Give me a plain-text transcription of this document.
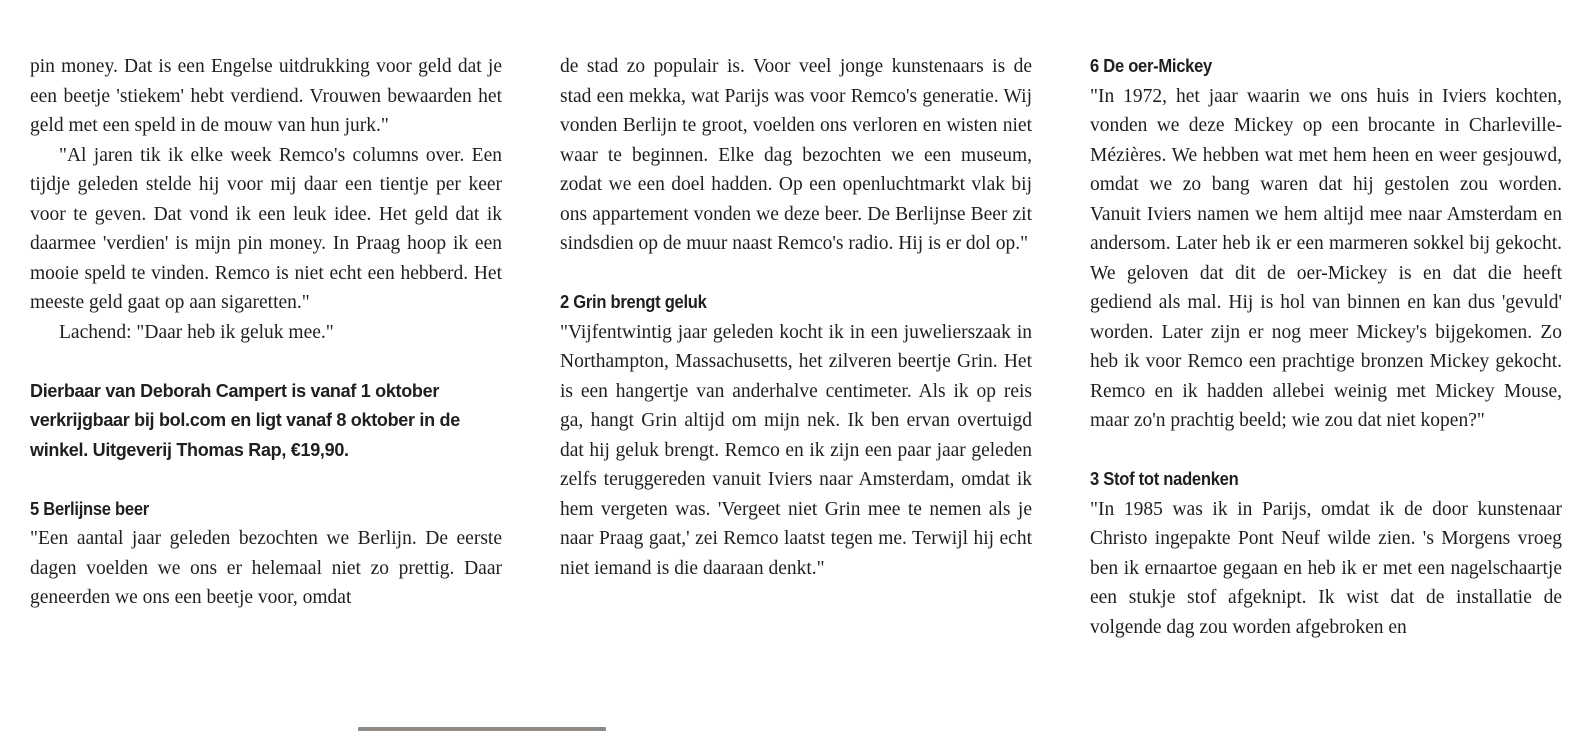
pin money. Dat is een Engelse uitdrukking voor geld dat je een beetje 'stiekem' hebt verdiend. Vrouwen bewaarden het geld met een speld in de mouw van hun jurk."

"Al jaren tik ik elke week Remco's columns over. Een tijdje geleden stelde hij voor mij daar een tientje per keer voor te geven. Dat vond ik een leuk idee. Het geld dat ik daarmee 'verdien' is mijn pin money. In Praag hoop ik een mooie speld te vinden. Remco is niet echt een hebberd. Het meeste geld gaat op aan sigaretten."

Lachend: "Daar heb ik geluk mee."

Dierbaar van Deborah Campert is vanaf 1 oktober verkrijgbaar bij bol.com en ligt vanaf 8 oktober in de winkel. Uitgeverij Thomas Rap, €19,90.

5 Berlijnse beer

"Een aantal jaar geleden bezochten we Berlijn. De eerste dagen voelden we ons er helemaal niet zo prettig. Daar geneerden we ons een beetje voor, omdat

de stad zo populair is. Voor veel jonge kunstenaars is de stad een mekka, wat Parijs was voor Remco's generatie. Wij vonden Berlijn te groot, voelden ons verloren en wisten niet waar te beginnen. Elke dag bezochten we een museum, zodat we een doel hadden. Op een openluchtmarkt vlak bij ons appartement vonden we deze beer. De Berlijnse Beer zit sindsdien op de muur naast Remco's radio. Hij is er dol op."

2 Grin brengt geluk

"Vijfentwintig jaar geleden kocht ik in een juwelierszaak in Northampton, Massachusetts, het zilveren beertje Grin. Het is een hangertje van anderhalve centimeter. Als ik op reis ga, hangt Grin altijd om mijn nek. Ik ben ervan overtuigd dat hij geluk brengt. Remco en ik zijn een paar jaar geleden zelfs teruggereden vanuit Iviers naar Amsterdam, omdat ik hem vergeten was. 'Vergeet niet Grin mee te nemen als je naar Praag gaat,' zei Remco laatst tegen me. Terwijl hij echt niet iemand is die daaraan denkt."

6 De oer-Mickey

"In 1972, het jaar waarin we ons huis in Iviers kochten, vonden we deze Mickey op een brocante in Charleville-Mézières. We hebben wat met hem heen en weer gesjouwd, omdat we zo bang waren dat hij gestolen zou worden. Vanuit Iviers namen we hem altijd mee naar Amsterdam en andersom. Later heb ik er een marmeren sokkel bij gekocht. We geloven dat dit de oer-Mickey is en dat die heeft gediend als mal. Hij is hol van binnen en kan dus 'gevuld' worden. Later zijn er nog meer Mickey's bijgekomen. Zo heb ik voor Remco een prachtige bronzen Mickey gekocht. Remco en ik hadden allebei weinig met Mickey Mouse, maar zo'n prachtig beeld; wie zou dat niet kopen?"

3 Stof tot nadenken

"In 1985 was ik in Parijs, omdat ik de door kunstenaar Christo ingepakte Pont Neuf wilde zien. 's Morgens vroeg ben ik ernaartoe gegaan en heb ik er met een nagelschaartje een stukje stof afgeknipt. Ik wist dat de installatie de volgende dag zou worden afgebroken en
